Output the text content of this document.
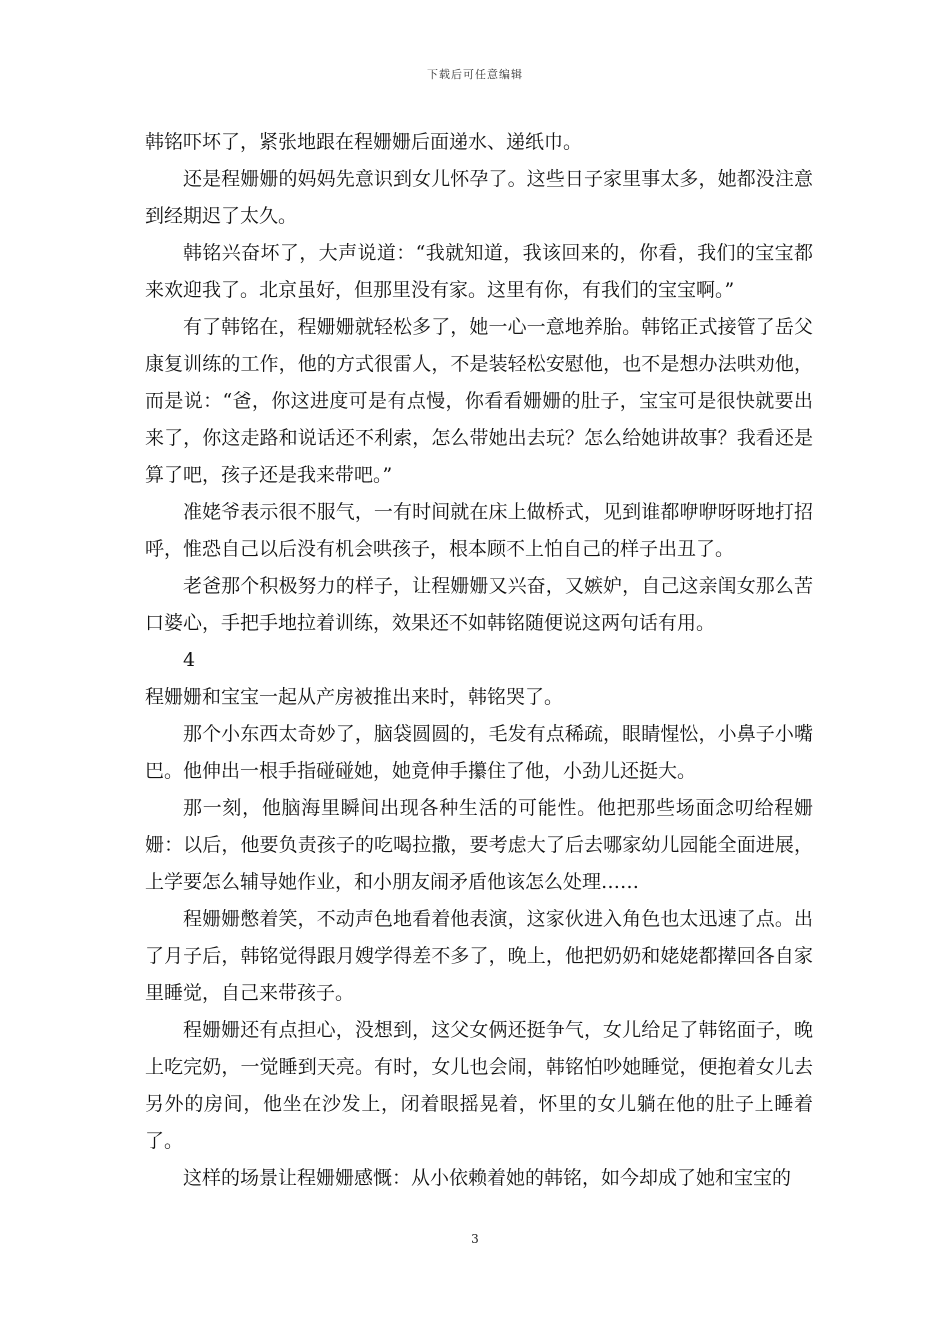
下载后可任意编辑

韩铭吓坏了，紧张地跟在程姗姗后面递水、递纸巾。

还是程姗姗的妈妈先意识到女儿怀孕了。这些日子家里事太多，她都没注意到经期迟了太久。

韩铭兴奋坏了，大声说道：“我就知道，我该回来的，你看，我们的宝宝都来欢迎我了。北京虽好，但那里没有家。这里有你，有我们的宝宝啊。”

有了韩铭在，程姗姗就轻松多了，她一心一意地养胎。韩铭正式接管了岳父康复训练的工作，他的方式很雷人，不是装轻松安慰他，也不是想办法哄劝他，而是说：“爸，你这进度可是有点慢，你看看姗姗的肚子，宝宝可是很快就要出来了，你这走路和说话还不利索，怎么带她出去玩？怎么给她讲故事？我看还是算了吧，孩子还是我来带吧。”

准姥爷表示很不服气，一有时间就在床上做桥式，见到谁都咿咿呀呀地打招呼，惟恐自己以后没有机会哄孩子，根本顾不上怕自己的样子出丑了。

老爸那个积极努力的样子，让程姗姗又兴奋，又嫉妒，自己这亲闺女那么苦口婆心，手把手地拉着训练，效果还不如韩铭随便说这两句话有用。

4

程姗姗和宝宝一起从产房被推出来时，韩铭哭了。

那个小东西太奇妙了，脑袋圆圆的，毛发有点稀疏，眼睛惺忪，小鼻子小嘴巴。他伸出一根手指碰碰她，她竟伸手攥住了他，小劲儿还挺大。

那一刻，他脑海里瞬间出现各种生活的可能性。他把那些场面念叨给程姗姗：以后，他要负责孩子的吃喝拉撒，要考虑大了后去哪家幼儿园能全面进展，上学要怎么辅导她作业，和小朋友闹矛盾他该怎么处理……

程姗姗憋着笑，不动声色地看着他表演，这家伙进入角色也太迅速了点。出了月子后，韩铭觉得跟月嫂学得差不多了，晚上，他把奶奶和姥姥都撵回各自家里睡觉，自己来带孩子。

程姗姗还有点担心，没想到，这父女俩还挺争气，女儿给足了韩铭面子，晚上吃完奶，一觉睡到天亮。有时，女儿也会闹，韩铭怕吵她睡觉，便抱着女儿去另外的房间，他坐在沙发上，闭着眼摇晃着，怀里的女儿躺在他的肚子上睡着了。

这样的场景让程姗姗感慨：从小依赖着她的韩铭，如今却成了她和宝宝的

3
